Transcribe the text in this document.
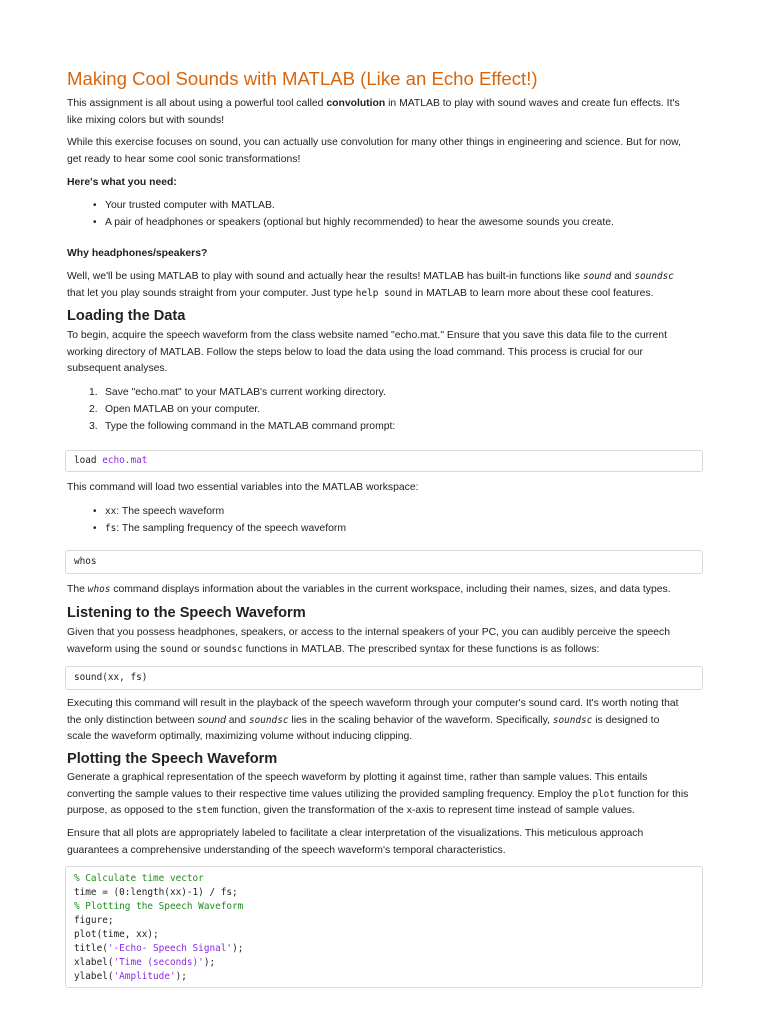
Making Cool Sounds with MATLAB (Like an Echo Effect!)

This assignment is all about using a powerful tool called convolution in MATLAB to play with sound waves and create fun effects. It's
like mixing colors but with sounds!

While this exercise focuses on sound, you can actually use convolution for many other things in engineering and science. But for now,
get ready to hear some cool sonic transformations!

Here's what you need:

• Your trusted computer with MATLAB.
• A pair of headphones or speakers (optional but highly recommended) to hear the awesome sounds you create.

Why headphones/speakers?

Well, we'll be using MATLAB to play with sound and actually hear the results! MATLAB has built-in functions like sound and soundsc
that let you play sounds straight from your computer. Just type help sound in MATLAB to learn more about these cool features.

Loading the Data

To begin, acquire the speech waveform from the class website named "echo.mat." Ensure that you save this data file to the current
working directory of MATLAB. Follow the steps below to load the data using the load command. This process is crucial for our
subsequent analyses.

1. Save "echo.mat" to your MATLAB's current working directory.
2. Open MATLAB on your computer.
3. Type the following command in the MATLAB command prompt:
load echo.mat

This command will load two essential variables into the MATLAB workspace:

• xx: The speech waveform
• fs: The sampling frequency of the speech waveform
whos

The whos command displays information about the variables in the current workspace, including their names, sizes, and data types.

Listening to the Speech Waveform

Given that you possess headphones, speakers, or access to the internal speakers of your PC, you can audibly perceive the speech
waveform using the sound or soundsc functions in MATLAB. The prescribed syntax for these functions is as follows:

sound(xx, fs)

Executing this command will result in the playback of the speech waveform through your computer's sound card. It's worth noting that
the only distinction between sound and soundsc lies in the scaling behavior of the waveform. Specifically, soundsc is designed to
scale the waveform optimally, maximizing volume without inducing clipping.

Plotting the Speech Waveform

Generate a graphical representation of the speech waveform by plotting it against time, rather than sample values. This entails
converting the sample values to their respective time values utilizing the provided sampling frequency. Employ the plot function for this
purpose, as opposed to the stem function, given the transformation of the x-axis to represent time instead of sample values.

Ensure that all plots are appropriately labeled to facilitate a clear interpretation of the visualizations. This meticulous approach
guarantees a comprehensive understanding of the speech waveform's temporal characteristics.

% Calculate time vector
time = (0:length(xx)-1) / fs;
% Plotting the Speech Waveform
figure;
plot(time, xx);
title('-Echo- Speech Signal');
xlabel('Time (seconds)');
ylabel('Amplitude');
